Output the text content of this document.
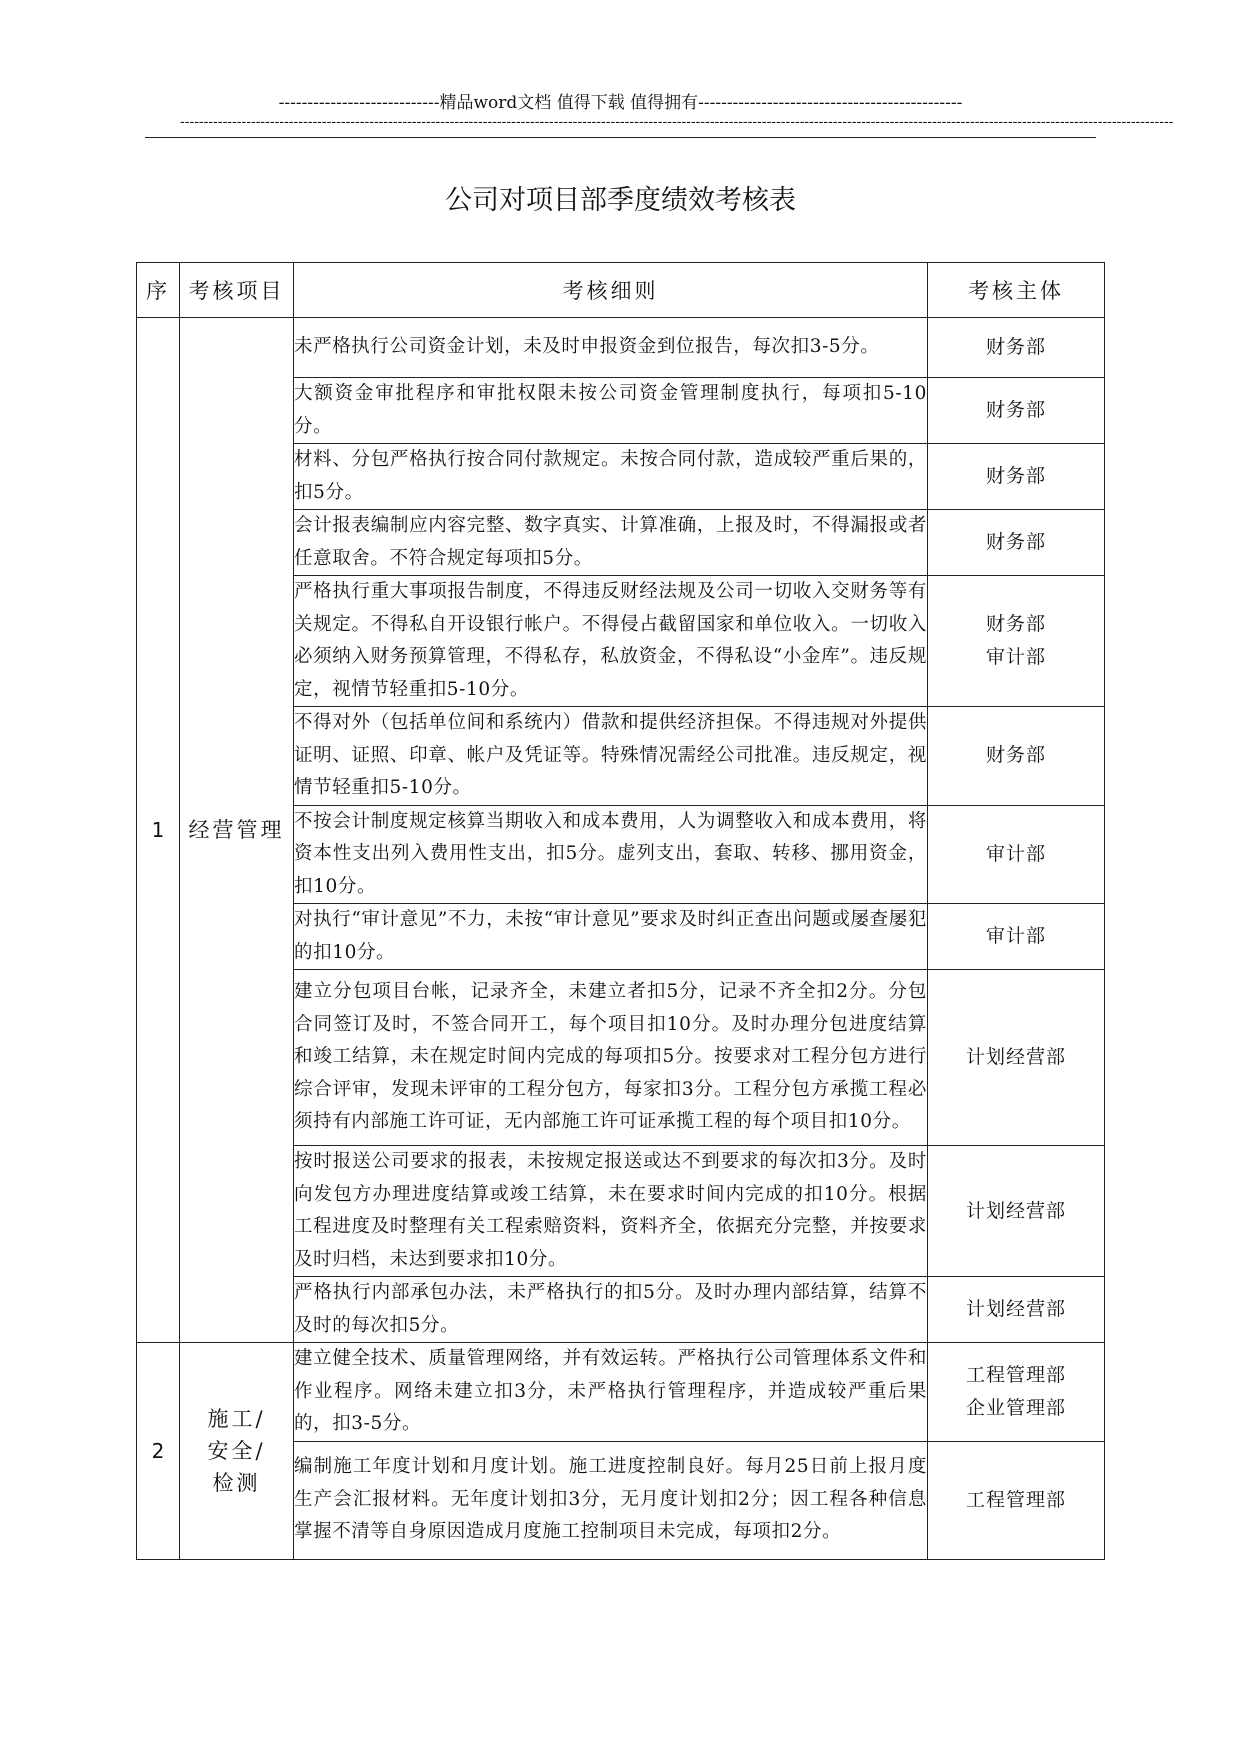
----------------------------精品word文档 值得下载 值得拥有----------------------------------------------
------------------------------------------------------------------------------------------------------------------------------------------------------------------------------------------------------------------
公司对项目部季度绩效考核表
序	考核项目	考核细则	考核主体
1	经营管理	未严格执行公司资金计划，未及时申报资金到位报告，每次扣3-5分。	财务部

		大额资金审批程序和审批权限未按公司资金管理制度执行，每项扣5-10分。	财务部

		材料、分包严格执行按合同付款规定。未按合同付款，造成较严重后果的，扣5分。	财务部

		会计报表编制应内容完整、数字真实、计算准确，上报及时，不得漏报或者任意取舍。不符合规定每项扣5分。	财务部

		严格执行重大事项报告制度，不得违反财经法规及公司一切收入交财务等有关规定。不得私自开设银行帐户。不得侵占截留国家和单位收入。一切收入必须纳入财务预算管理，不得私存，私放资金，不得私设“小金库”。违反规定，视情节轻重扣5-10分。	财务部
审计部

		不得对外（包括单位间和系统内）借款和提供经济担保。不得违规对外提供证明、证照、印章、帐户及凭证等。特殊情况需经公司批准。违反规定，视情节轻重扣5-10分。	财务部

		不按会计制度规定核算当期收入和成本费用，人为调整收入和成本费用，将资本性支出列入费用性支出，扣5分。虚列支出，套取、转移、挪用资金，扣10分。	审计部

		对执行“审计意见”不力，未按“审计意见”要求及时纠正查出问题或屡查屡犯的扣10分。	审计部

		建立分包项目台帐，记录齐全，未建立者扣5分，记录不齐全扣2分。分包合同签订及时，不签合同开工，每个项目扣10分。及时办理分包进度结算和竣工结算，未在规定时间内完成的每项扣5分。按要求对工程分包方进行综合评审，发现未评审的工程分包方，每家扣3分。工程分包方承揽工程必须持有内部施工许可证，无内部施工许可证承揽工程的每个项目扣10分。	计划经营部

		按时报送公司要求的报表，未按规定报送或达不到要求的每次扣3分。及时向发包方办理进度结算或竣工结算，未在要求时间内完成的扣10分。根据工程进度及时整理有关工程索赔资料，资料齐全，依据充分完整，并按要求及时归档，未达到要求扣10分。	计划经营部

		严格执行内部承包办法，未严格执行的扣5分。及时办理内部结算，结算不及时的每次扣5分。	计划经营部

2	施工/
安全/
检测	建立健全技术、质量管理网络，并有效运转。严格执行公司管理体系文件和作业程序。网络未建立扣3分，未严格执行管理程序，并造成较严重后果的，扣3-5分。	工程管理部
企业管理部

		编制施工年度计划和月度计划。施工进度控制良好。每月25日前上报月度生产会汇报材料。无年度计划扣3分，无月度计划扣2分；因工程各种信息掌握不清等自身原因造成月度施工控制项目未完成，每项扣2分。	工程管理部
